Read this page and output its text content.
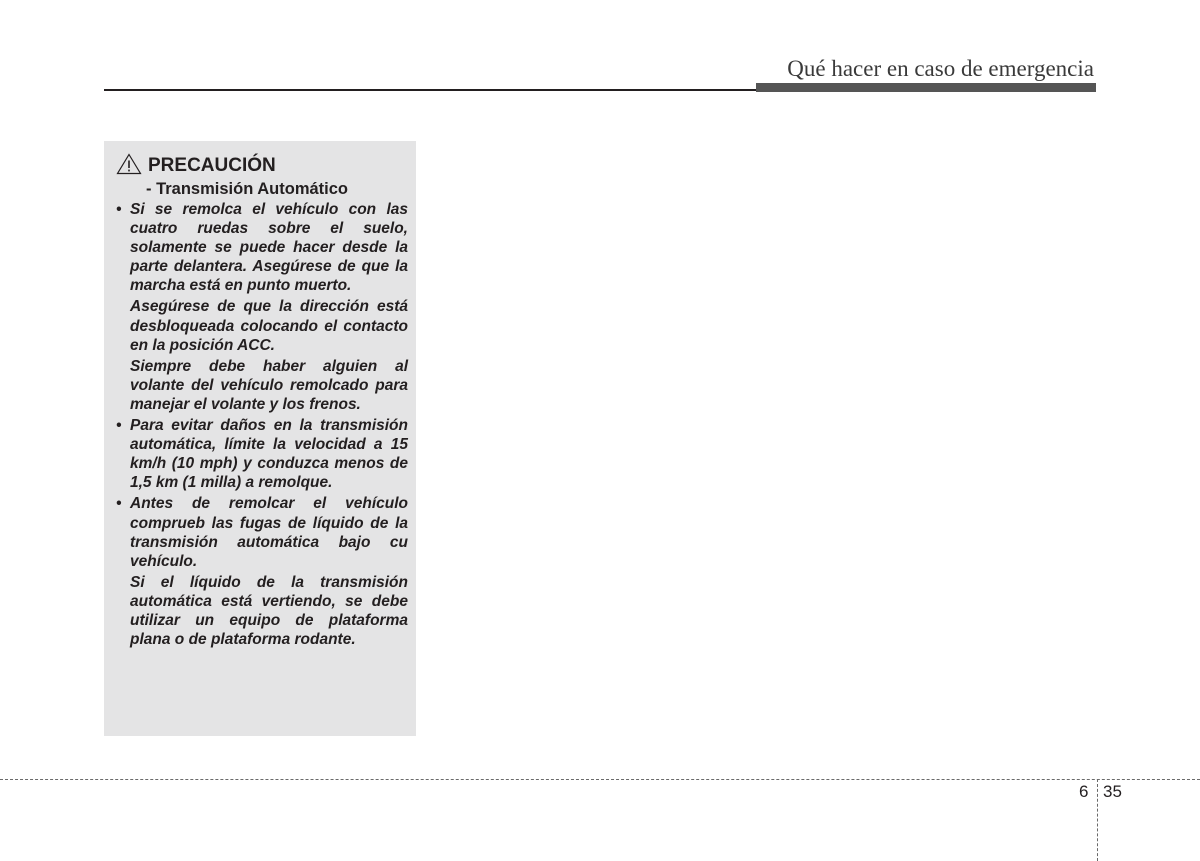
Qué hacer en caso de emergencia
PRECAUCIÓN
- Transmisión Automático
• Si se remolca el vehículo con las cuatro ruedas sobre el suelo, solamente se puede hacer desde la parte delantera. Asegúrese de que la marcha está en punto muerto.
Asegúrese de que la dirección está desbloqueada colocando el contacto en la posición ACC.
Siempre debe haber alguien al volante del vehículo remolcado para manejar el volante y los frenos.
• Para evitar daños en la transmisión automática, límite la velocidad a 15 km/h (10 mph) y conduzca menos de 1,5 km (1 milla) a remolque.
• Antes de remolcar el vehículo comprueb las fugas de líquido de la transmisión automática bajo cu vehículo.
Si el líquido de la transmisión automática está vertiendo, se debe utilizar un equipo de plataforma plana o de plataforma rodante.
6 35
